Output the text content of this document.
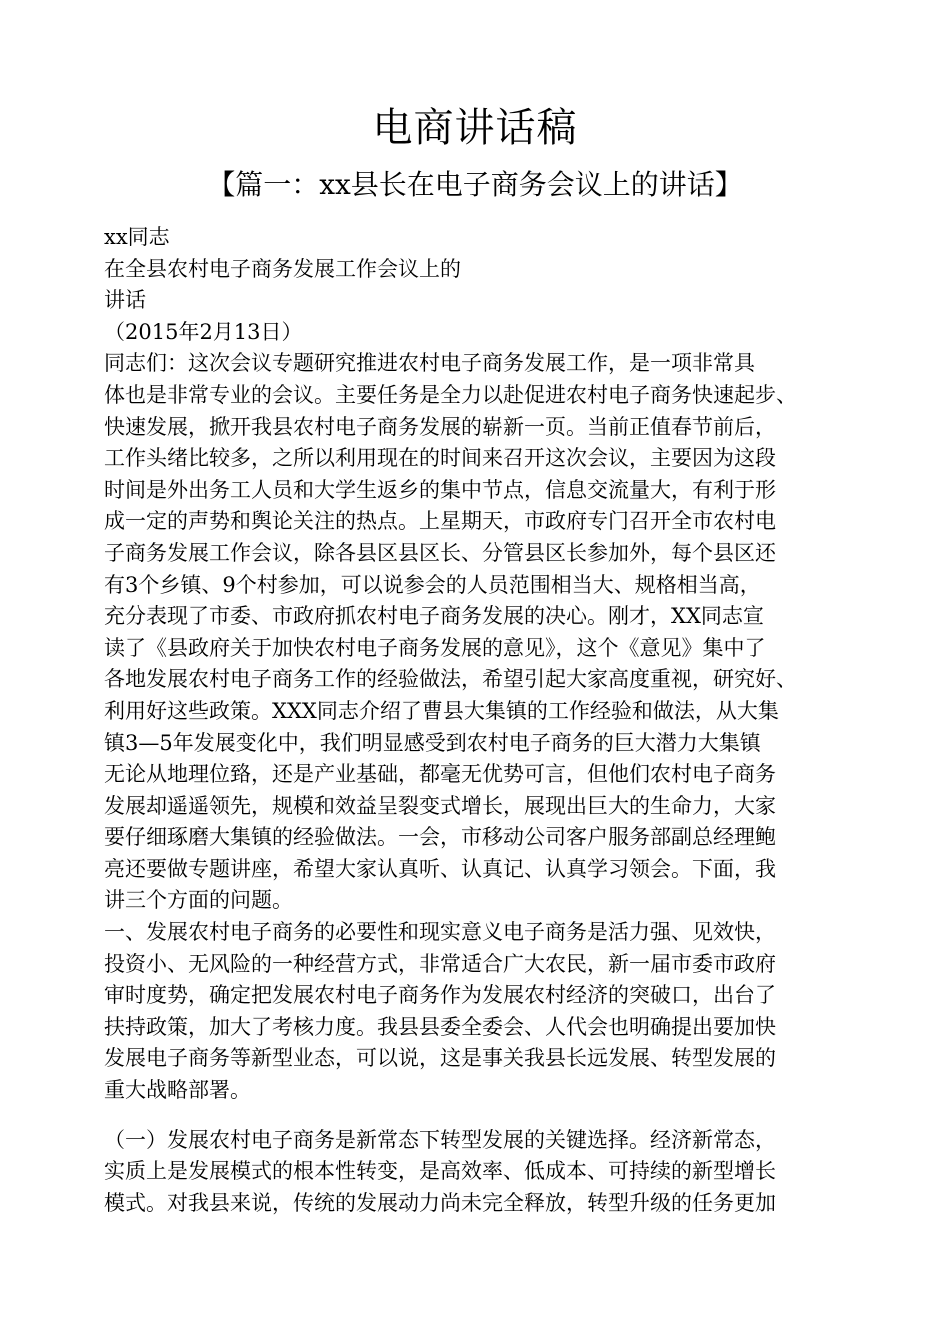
电商讲话稿
【篇一：xx县长在电子商务会议上的讲话】
xx同志
在全县农村电子商务发展工作会议上的
讲话
（2015年2月13日）
同志们：这次会议专题研究推进农村电子商务发展工作，是一项非常具
体也是非常专业的会议。主要任务是全力以赴促进农村电子商务快速起步、
快速发展，掀开我县农村电子商务发展的崭新一页。当前正值春节前后，
工作头绪比较多，之所以利用现在的时间来召开这次会议，主要因为这段
时间是外出务工人员和大学生返乡的集中节点，信息交流量大，有利于形
成一定的声势和舆论关注的热点。上星期天，市政府专门召开全市农村电
子商务发展工作会议，除各县区县区长、分管县区长参加外，每个县区还
有3个乡镇、9个村参加，可以说参会的人员范围相当大、规格相当高，
充分表现了市委、市政府抓农村电子商务发展的决心。刚才，XX同志宣
读了《县政府关于加快农村电子商务发展的意见》，这个《意见》集中了
各地发展农村电子商务工作的经验做法，希望引起大家高度重视，研究好、
利用好这些政策。XXX同志介绍了曹县大集镇的工作经验和做法，从大集
镇3—5年发展变化中，我们明显感受到农村电子商务的巨大潜力大集镇
无论从地理位臵，还是产业基础，都毫无优势可言，但他们农村电子商务
发展却遥遥领先，规模和效益呈裂变式增长，展现出巨大的生命力，大家
要仔细琢磨大集镇的经验做法。一会，市移动公司客户服务部副总经理鲍
亮还要做专题讲座，希望大家认真听、认真记、认真学习领会。下面，我
讲三个方面的问题。
一、发展农村电子商务的必要性和现实意义电子商务是活力强、见效快，
投资小、无风险的一种经营方式，非常适合广大农民，新一届市委市政府
审时度势，确定把发展农村电子商务作为发展农村经济的突破口，出台了
扶持政策，加大了考核力度。我县县委全委会、人代会也明确提出要加快
发展电子商务等新型业态，可以说，这是事关我县长远发展、转型发展的
重大战略部署。
（一）发展农村电子商务是新常态下转型发展的关键选择。经济新常态，
实质上是发展模式的根本性转变，是高效率、低成本、可持续的新型增长
模式。对我县来说，传统的发展动力尚未完全释放，转型升级的任务更加
